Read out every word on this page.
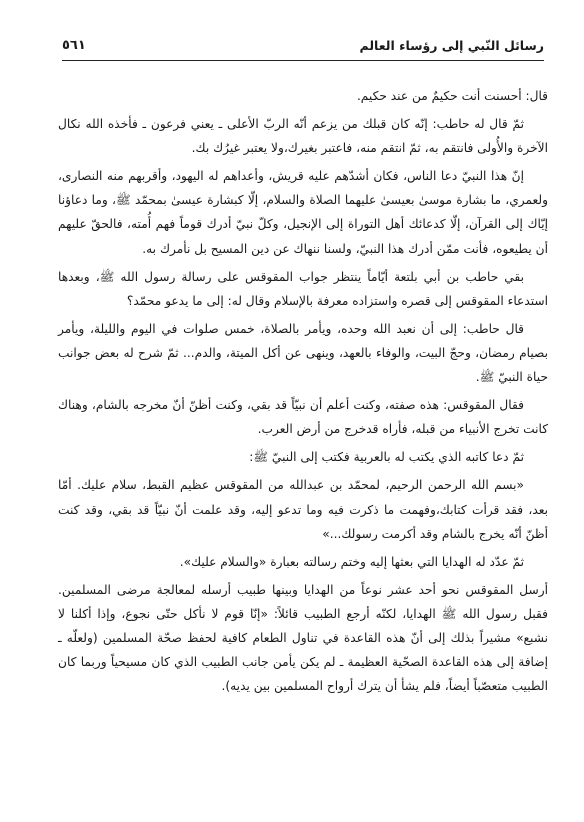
رسائل النّبي إلى رؤساء العالم
٥٦١

قال: أحسنت أنت حكيمٌ من عند حكيم.

ثمّ قال له حاطب: إنّه كان قبلك من يزعم أنّه الربّ الأعلى ـ يعني فرعون ـ فأخذه الله نكال الآخرة والأُولى فانتقم به، ثمّ انتقم منه، فاعتبر بغيرك،ولا يعتبر غيرُك بك.

إنّ هذا النبيّ دعا الناس، فكان أشدّهم عليه قريش، وأعداهم له اليهود، وأقربهم منه النصارى، ولعمري، ما بشارة موسىٰ بعيسىٰ عليهما الصلاة والسلام، إلّا كبشارة عيسىٰ بمحمّد ﷺ، وما دعاؤنا إيّاك إلى القرآن، إلّا كدعائك أهل التوراة إلى الإنجيل، وكلّ نبيّ أدرك قوماً فهم أُمته، فالحقّ عليهم أن يطيعوه، فأنت ممّن أدرك هذا النبيّ، ولسنا ننهاك عن دين المسيح بل نأمرك به.

بقي حاطب بن أبي بلتعة أيّاماً ينتظر جواب المقوقس على رسالة رسول الله ﷺ، وبعدها استدعاء المقوقس إلى قصره واستزاده معرفة بالإسلام وقال له: إلى ما يدعو محمّد؟

قال حاطب: إلى أن نعبد الله وحده، ويأمر بالصلاة، خمس صلوات في اليوم والليلة، ويأمر بصيام رمضان، وحجّ البيت، والوفاء بالعهد، وينهى عن أكل الميتة، والدم... ثمّ شرح له بعض جوانب حياة النبيّ ﷺ.

فقال المقوقس: هذه صفته، وكنت أعلم أن نبيّاً قد بقي، وكنت أظنّ أنّ مخرجه بالشام، وهناك كانت تخرج الأنبياء من قبله، فأراه قدخرج من أرض العرب.

ثمّ دعا كاتبه الذي يكتب له بالعربية فكتب إلى النبيّ ﷺ:

«بسم الله الرحمن الرحيم، لمحمّد بن عبدالله من المقوقس عظيم القبط، سلام عليك. أمّا بعد، فقد قرأت كتابك،وفهمت ما ذكرت فيه وما تدعو إليه، وقد علمت أنّ نبيّاً قد بقي، وقد كنت أظنّ أنّه يخرج بالشام وقد أكرمت رسولك...»

ثمّ عدّد له الهدايا التي بعثها إليه وختم رسالته بعبارة «والسلام عليك».

أرسل المقوقس نحو أحد عشر نوعاً من الهدايا وبينها طبيب أرسله لمعالجة مرضى المسلمين. فقبل رسول الله ﷺ الهدايا، لكنّه أرجع الطبيب قائلاً: «إنّا قوم لا نأكل حتّى نجوع، وإذا أكلنا لا نشبع» مشيراً بذلك إلى أنّ هذه القاعدة في تناول الطعام كافية لحفظ صحّة المسلمين (ولعلّه ـ إضافة إلى هذه القاعدة الصحّية العظيمة ـ لم يكن يأمن جانب الطبيب الذي كان مسيحياً وربما كان الطبيب متعصّباً أيضاً، فلم يشأ أن يترك أرواح المسلمين بين يديه).
